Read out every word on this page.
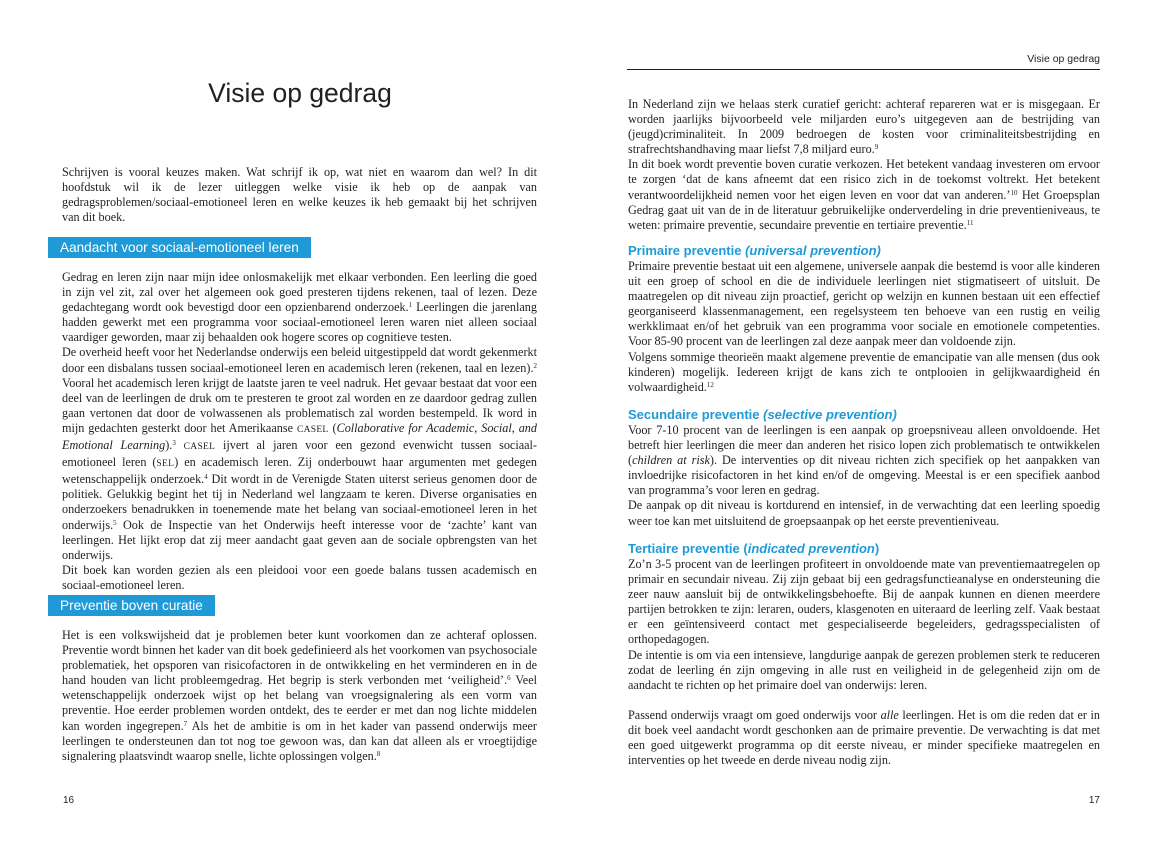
Visie op gedrag

Schrijven is vooral keuzes maken. Wat schrijf ik op, wat niet en waarom dan wel? In dit hoofdstuk wil ik de lezer uitleggen welke visie ik heb op de aanpak van gedragsproblemen/sociaal-emotioneel leren en welke keuzes ik heb gemaakt bij het schrijven van dit boek.

Aandacht voor sociaal-emotioneel leren

Gedrag en leren zijn naar mijn idee onlosmakelijk met elkaar verbonden. Een leerling die goed in zijn vel zit, zal over het algemeen ook goed presteren tijdens rekenen, taal of lezen. Deze gedachtegang wordt ook bevestigd door een opzienbarend onderzoek.$^1$ Leerlingen die jarenlang hadden gewerkt met een programma voor sociaal-emotioneel leren waren niet alleen sociaal vaardiger geworden, maar zij behaalden ook hogere scores op cognitieve testen.

De overheid heeft voor het Nederlandse onderwijs een beleid uitgestippeld dat wordt gekenmerkt door een disbalans tussen sociaal-emotioneel leren en academisch leren (rekenen, taal en lezen).$^2$ Vooral het academisch leren krijgt de laatste jaren te veel nadruk. Het gevaar bestaat dat voor een deel van de leerlingen de druk om te presteren te groot zal worden en ze daardoor gedrag zullen gaan vertonen dat door de volwassenen als problematisch zal worden bestempeld. Ik word in mijn gedachten gesterkt door het Amerikaanse CASEL (Collaborative for Academic, Social, and Emotional Learning).$^3$ CASEL ijvert al jaren voor een gezond evenwicht tussen sociaal-emotioneel leren (SEL) en academisch leren. Zij onderbouwt haar argumenten met gedegen wetenschappelijk onderzoek.$^4$ Dit wordt in de Verenigde Staten uiterst serieus genomen door de politiek. Gelukkig begint het tij in Nederland wel langzaam te keren. Diverse organisaties en onderzoekers benadrukken in toenemende mate het belang van sociaal-emotioneel leren in het onderwijs.$^5$ Ook de Inspectie van het Onderwijs heeft interesse voor de ‘zachte’ kant van leerlingen. Het lijkt erop dat zij meer aandacht gaat geven aan de sociale opbrengsten van het onderwijs.

Dit boek kan worden gezien als een pleidooi voor een goede balans tussen academisch en sociaal-emotioneel leren.

Preventie boven curatie

Het is een volkswijsheid dat je problemen beter kunt voorkomen dan ze achteraf oplossen. Preventie wordt binnen het kader van dit boek gedefinieerd als het voorkomen van psychosociale problematiek, het opsporen van risicofactoren in de ontwikkeling en het verminderen en in de hand houden van licht probleemgedrag. Het begrip is sterk verbonden met ‘veiligheid’.$^6$ Veel wetenschappelijk onderzoek wijst op het belang van vroegsignalering als een vorm van preventie. Hoe eerder problemen worden ontdekt, des te eerder er met dan nog lichte middelen kan worden ingegrepen.$^7$ Als het de ambitie is om in het kader van passend onderwijs meer leerlingen te ondersteunen dan tot nog toe gewoon was, dan kan dat alleen als er vroegtijdige signalering plaatsvindt waarop snelle, lichte oplossingen volgen.$^8$

16
Visie op gedrag

In Nederland zijn we helaas sterk curatief gericht: achteraf repareren wat er is misgegaan. Er worden jaarlijks bijvoorbeeld vele miljarden euro’s uitgegeven aan de bestrijding van (jeugd)criminaliteit. In 2009 bedroegen de kosten voor criminaliteitsbestrijding en strafrechtshandhaving maar liefst 7,8 miljard euro.$^9$

In dit boek wordt preventie boven curatie verkozen. Het betekent vandaag investeren om ervoor te zorgen ‘dat de kans afneemt dat een risico zich in de toekomst voltrekt. Het betekent verantwoordelijkheid nemen voor het eigen leven en voor dat van anderen.’$^{10}$ Het Groepsplan Gedrag gaat uit van de in de literatuur gebruikelijke onderverdeling in drie preventieniveaus, te weten: primaire preventie, secundaire preventie en tertiaire preventie.$^{11}$

Primaire preventie (universal prevention)

Primaire preventie bestaat uit een algemene, universele aanpak die bestemd is voor alle kinderen uit een groep of school en die de individuele leerlingen niet stigmatiseert of uitsluit. De maatregelen op dit niveau zijn proactief, gericht op welzijn en kunnen bestaan uit een effectief georganiseerd klassenmanagement, een regelsysteem ten behoeve van een rustig en veilig werkklimaat en/of het gebruik van een programma voor sociale en emotionele competenties. Voor 85-90 procent van de leerlingen zal deze aanpak meer dan voldoende zijn.

Volgens sommige theorieën maakt algemene preventie de emancipatie van alle mensen (dus ook kinderen) mogelijk. Iedereen krijgt de kans zich te ontplooien in gelijkwaardigheid én volwaardigheid.$^{12}$

Secundaire preventie (selective prevention)

Voor 7-10 procent van de leerlingen is een aanpak op groepsniveau alleen onvoldoende. Het betreft hier leerlingen die meer dan anderen het risico lopen zich problematisch te ontwikkelen (children at risk). De interventies op dit niveau richten zich specifiek op het aanpakken van invloedrijke risicofactoren in het kind en/of de omgeving. Meestal is er een specifiek aanbod van programma’s voor leren en gedrag.

De aanpak op dit niveau is kortdurend en intensief, in de verwachting dat een leerling spoedig weer toe kan met uitsluitend de groepsaanpak op het eerste preventieniveau.

Tertiaire preventie (indicated prevention)

Zo’n 3-5 procent van de leerlingen profiteert in onvoldoende mate van preventiemaatregelen op primair en secundair niveau. Zij zijn gebaat bij een gedragsfunctieanalyse en ondersteuning die zeer nauw aansluit bij de ontwikkelingsbehoefte. Bij de aanpak kunnen en dienen meerdere partijen betrokken te zijn: leraren, ouders, klasgenoten en uiteraard de leerling zelf. Vaak bestaat er een geïntensiveerd contact met gespecialiseerde begeleiders, gedragsspecialisten of orthopedagogen.

De intentie is om via een intensieve, langdurige aanpak de gerezen problemen sterk te reduceren zodat de leerling én zijn omgeving in alle rust en veiligheid in de gelegenheid zijn om de aandacht te richten op het primaire doel van onderwijs: leren.

Passend onderwijs vraagt om goed onderwijs voor alle leerlingen. Het is om die reden dat er in dit boek veel aandacht wordt geschonken aan de primaire preventie. De verwachting is dat met een goed uitgewerkt programma op dit eerste niveau, er minder specifieke maatregelen en interventies op het tweede en derde niveau nodig zijn.

17
